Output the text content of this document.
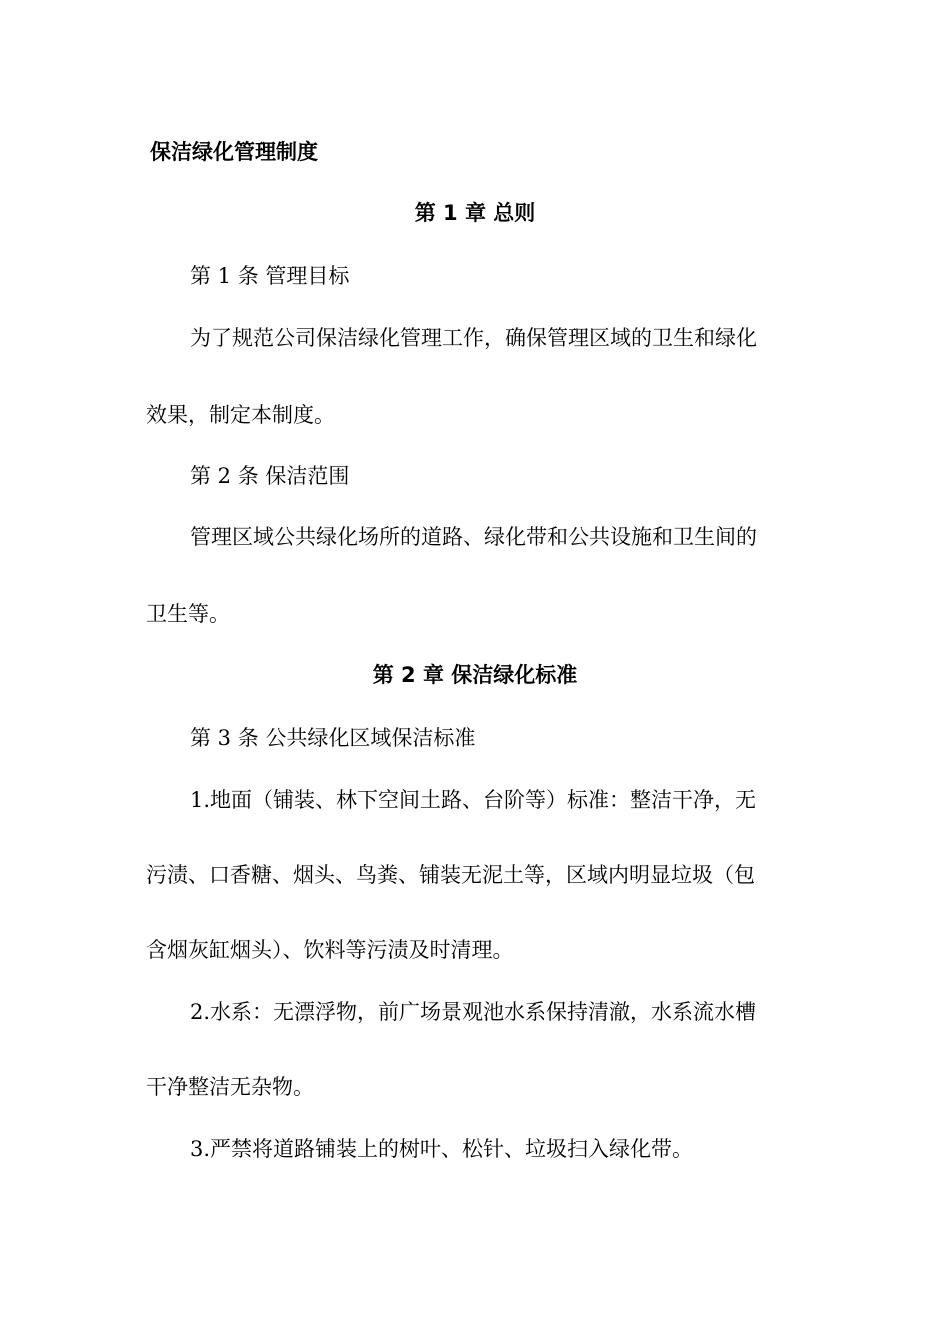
保洁绿化管理制度
第 1 章 总则
第 1 条 管理目标
为了规范公司保洁绿化管理工作，确保管理区域的卫生和绿化
效果，制定本制度。
第 2 条 保洁范围
管理区域公共绿化场所的道路、绿化带和公共设施和卫生间的
卫生等。
第 2 章 保洁绿化标准
第 3 条 公共绿化区域保洁标准
1.地面（铺装、林下空间土路、台阶等）标准：整洁干净，无
污渍、口香糖、烟头、鸟粪、铺装无泥土等，区域内明显垃圾（包
含烟灰缸烟头）、饮料等污渍及时清理。
2.水系：无漂浮物，前广场景观池水系保持清澈，水系流水槽
干净整洁无杂物。
3.严禁将道路铺装上的树叶、松针、垃圾扫入绿化带。
